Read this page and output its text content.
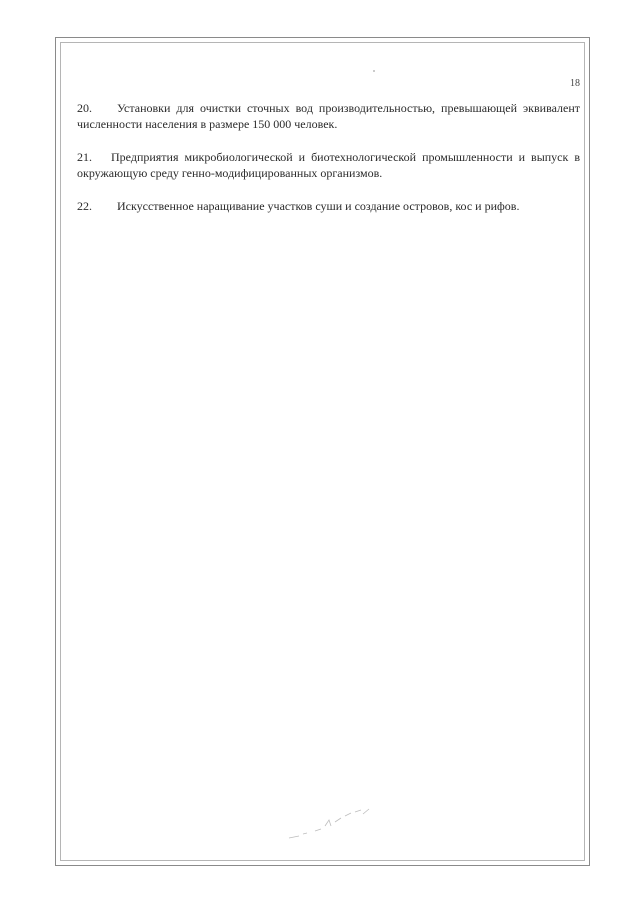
18

20. Установки для очистки сточных вод производительностью, превышающей эквивалент численности населения в размере 150 000 человек.

21. Предприятия микробиологической и биотехнологической промышленности и выпуск в окружающую среду генно-модифицированных организмов.

22. Искусственное наращивание участков суши и создание островов, кос и рифов.
